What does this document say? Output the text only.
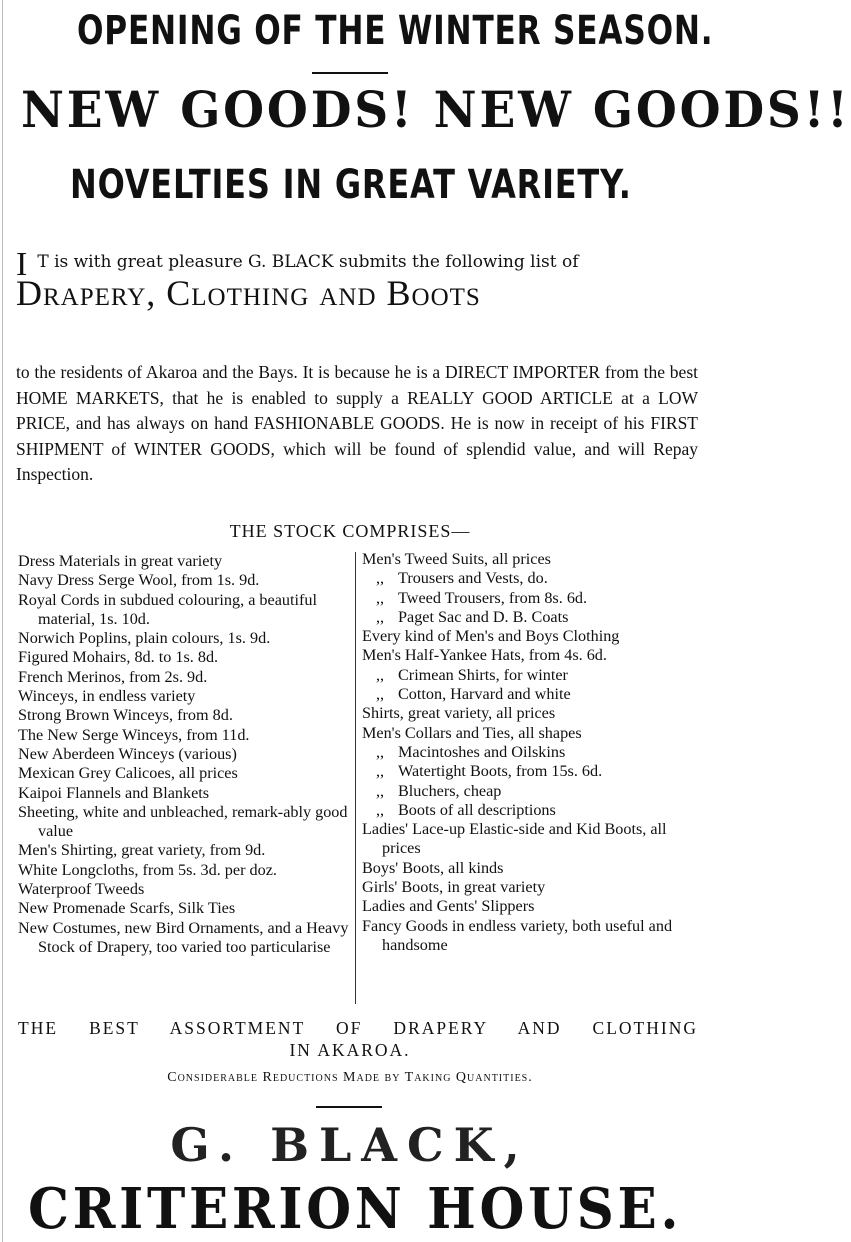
OPENING OF THE WINTER SEASON.
NEW GOODS! NEW GOODS!!
NOVELTIES IN GREAT VARIETY.
I T is with great pleasure G. BLACK submits the following list of
Drapery, Clothing and Boots
to the residents of Akaroa and the Bays. It is because he is a DIRECT IMPORTER from the best HOME MARKETS, that he is enabled to supply a REALLY GOOD ARTICLE at a LOW PRICE, and has always on hand FASHIONABLE GOODS. He is now in receipt of his FIRST SHIPMENT of WINTER GOODS, which will be found of splendid value, and will Repay Inspection.
THE STOCK COMPRISES—
Dress Materials in great variety
Navy Dress Serge Wool, from 1s. 9d.
Royal Cords in subdued colouring, a beautiful material, 1s. 10d.
Norwich Poplins, plain colours, 1s. 9d.
Figured Mohairs, 8d. to 1s. 8d.
French Merinos, from 2s. 9d.
Winceys, in endless variety
Strong Brown Winceys, from 8d.
The New Serge Winceys, from 11d.
New Aberdeen Winceys (various)
Mexican Grey Calicoes, all prices
Kaipoi Flannels and Blankets
Sheeting, white and unbleached, remark-ably good value
Men's Shirting, great variety, from 9d.
White Longcloths, from 5s. 3d. per doz.
Waterproof Tweeds
New Promenade Scarfs, Silk Ties
New Costumes, new Bird Ornaments, and a Heavy Stock of Drapery, too varied too particularise
Men's Tweed Suits, all prices
,, Trousers and Vests, do.
,, Tweed Trousers, from 8s. 6d.
,, Paget Sac and D. B. Coats
Every kind of Men's and Boys Clothing
Men's Half-Yankee Hats, from 4s. 6d.
,, Crimean Shirts, for winter
,, Cotton, Harvard and white
Shirts, great variety, all prices
Men's Collars and Ties, all shapes
,, Macintoshes and Oilskins
,, Watertight Boots, from 15s. 6d.
,, Bluchers, cheap
,, Boots of all descriptions
Ladies' Lace-up Elastic-side and Kid Boots, all prices
Boys' Boots, all kinds
Girls' Boots, in great variety
Ladies and Gents' Slippers
Fancy Goods in endless variety, both useful and handsome
THE BEST ASSORTMENT OF DRAPERY AND CLOTHING
IN AKAROA.
Considerable Reductions Made by Taking Quantities.
G. BLACK,
CRITERION HOUSE.
